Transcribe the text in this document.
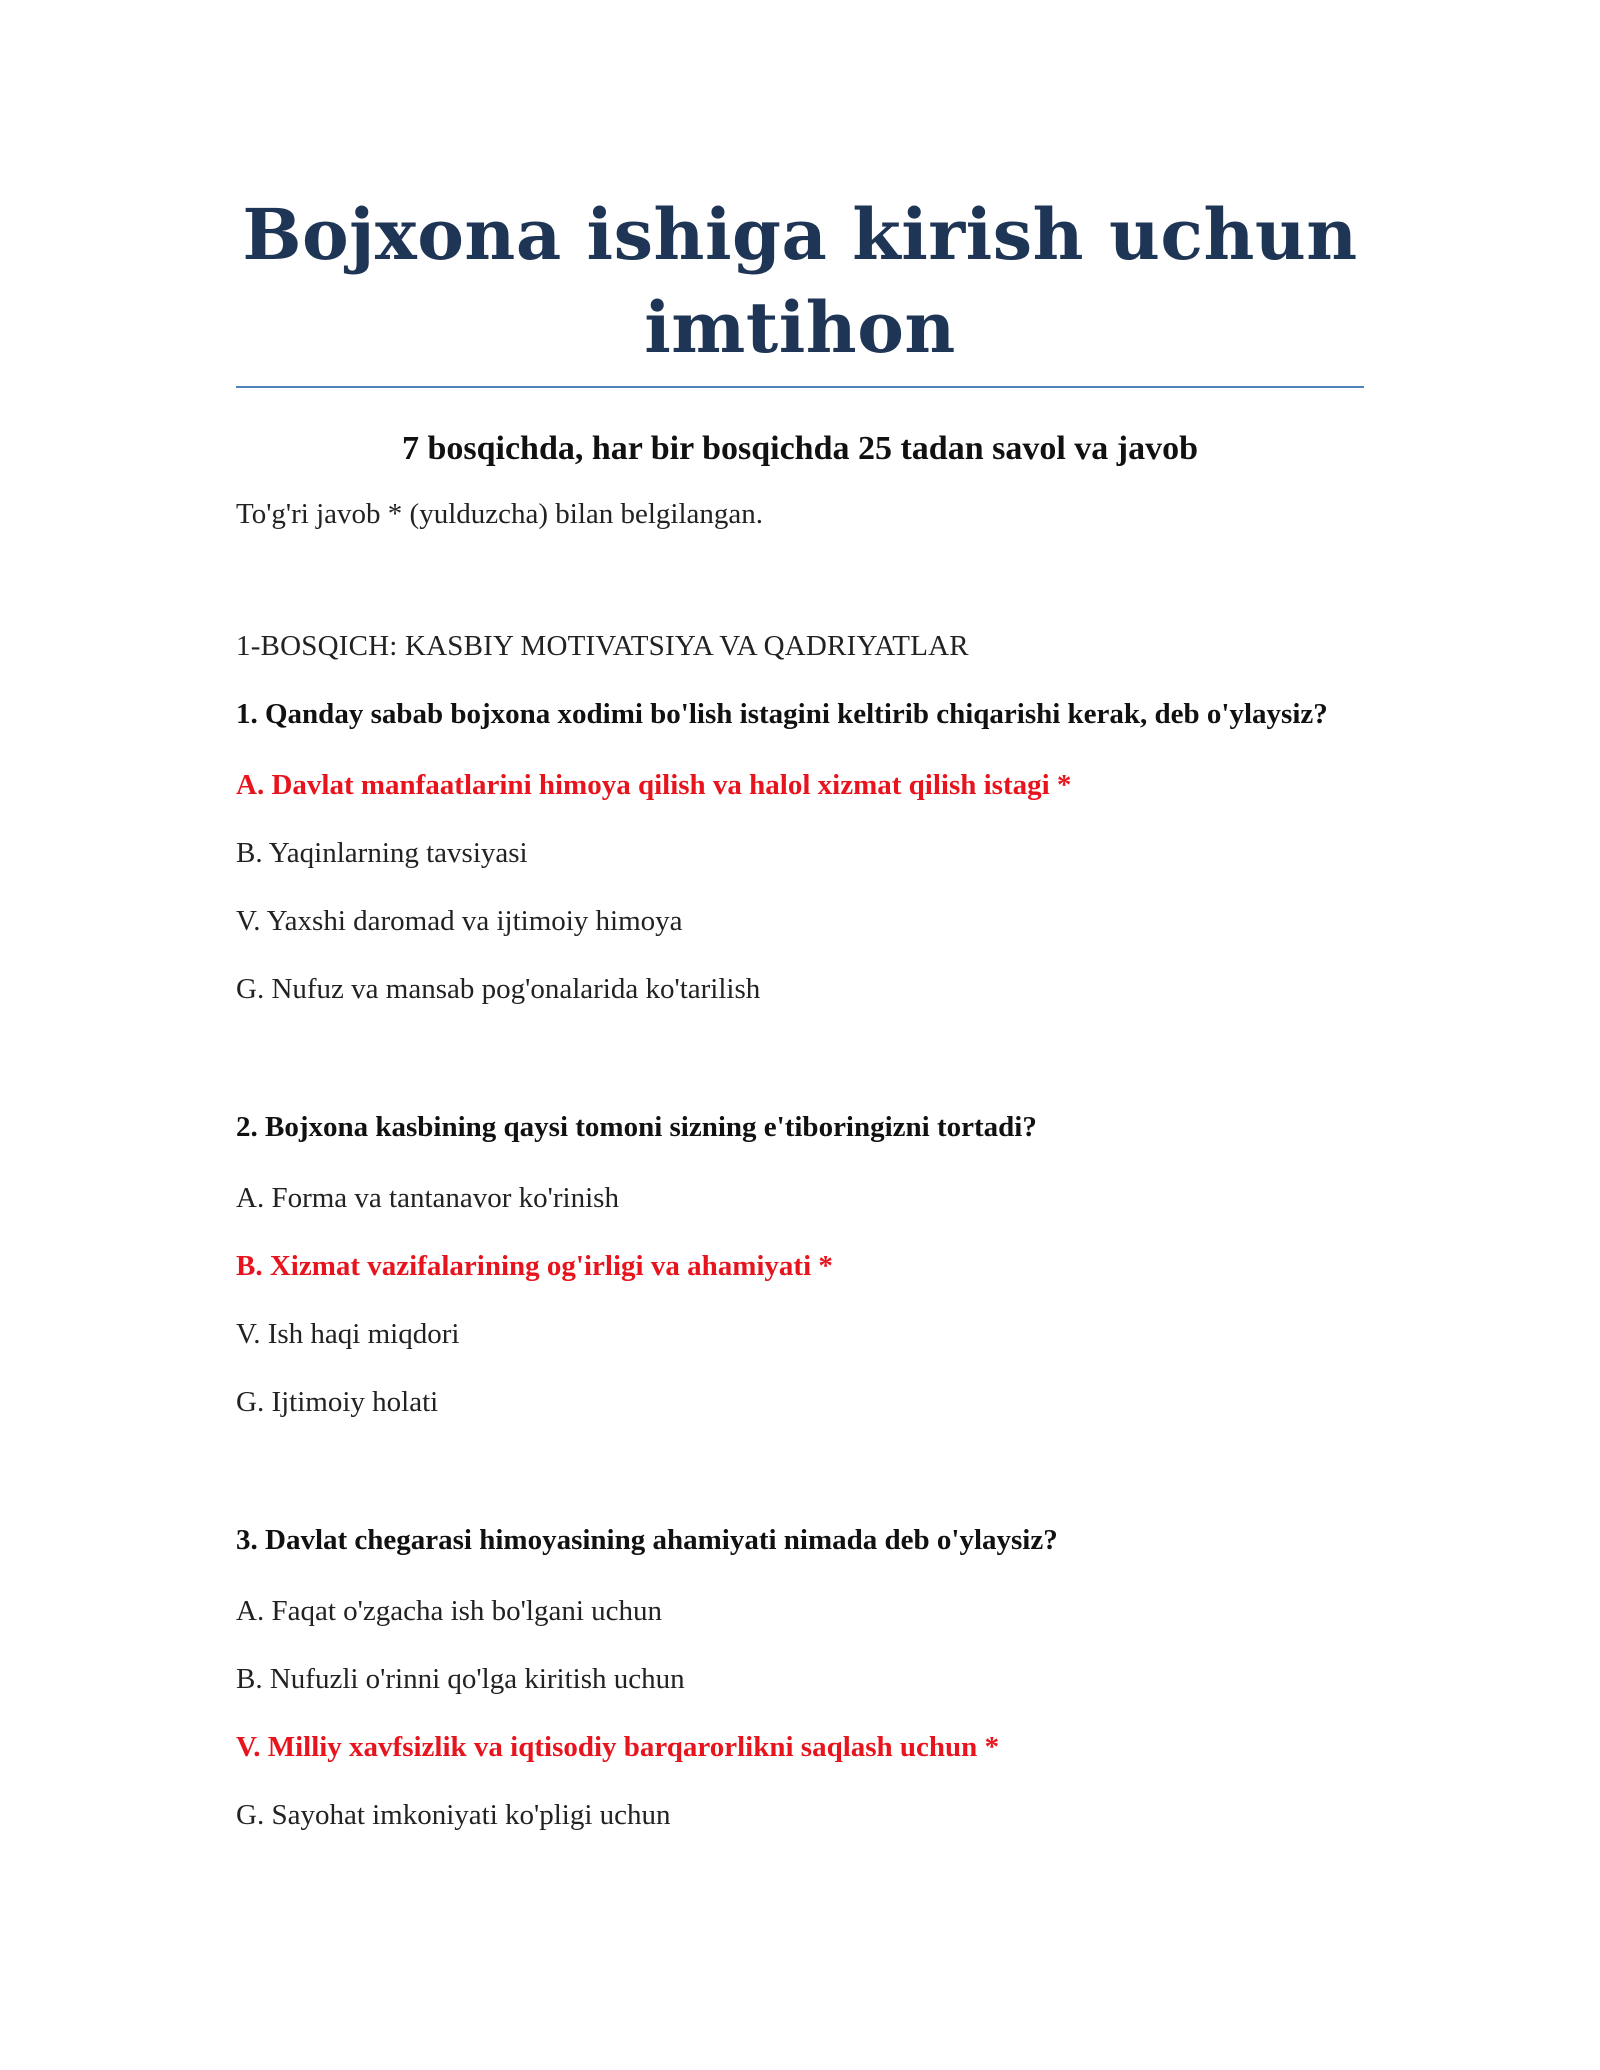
Bojxona ishiga kirish uchun imtihon
7 bosqichda, har bir bosqichda 25 tadan savol va javob
To'g'ri javob * (yulduzcha) bilan belgilangan.
1-BOSQICH: KASBIY MOTIVATSIYA VA QADRIYATLAR
1. Qanday sabab bojxona xodimi bo'lish istagini keltirib chiqarishi kerak, deb o'ylaysiz?
A. Davlat manfaatlarini himoya qilish va halol xizmat qilish istagi *
B. Yaqinlarning tavsiyasi
V. Yaxshi daromad va ijtimoiy himoya
G. Nufuz va mansab pog'onalarida ko'tarilish
2. Bojxona kasbining qaysi tomoni sizning e'tiboringizni tortadi?
A. Forma va tantanavor ko'rinish
B. Xizmat vazifalarining og'irligi va ahamiyati *
V. Ish haqi miqdori
G. Ijtimoiy holati
3. Davlat chegarasi himoyasining ahamiyati nimada deb o'ylaysiz?
A. Faqat o'zgacha ish bo'lgani uchun
B. Nufuzli o'rinni qo'lga kiritish uchun
V. Milliy xavfsizlik va iqtisodiy barqarorlikni saqlash uchun *
G. Sayohat imkoniyati ko'pligi uchun
